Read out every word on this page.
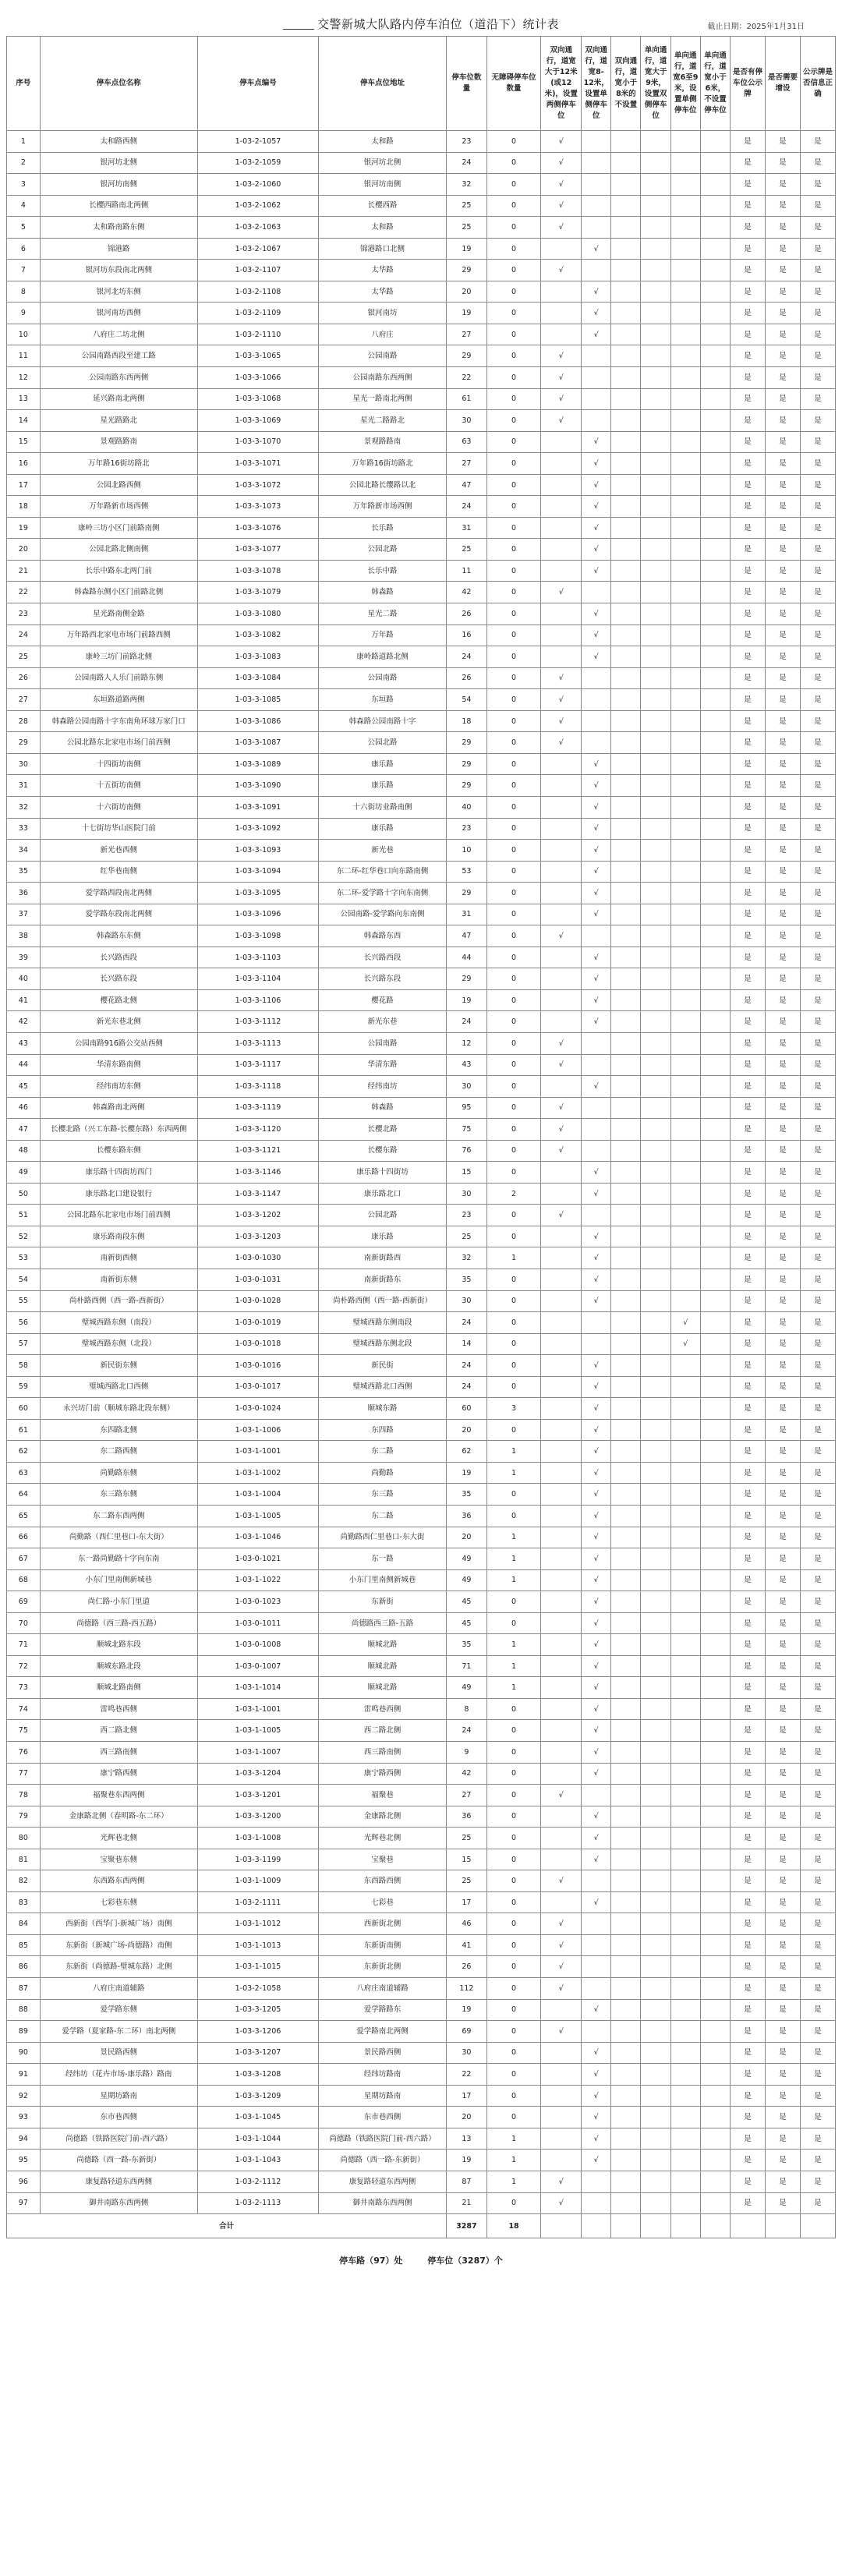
交警新城大队路内停车泊位（道沿下）统计表	截止日期：2025年1月31日
序号	停车点位名称	停车点编号	停车点位地址	停车位数量	无障碍停车位数量	双向通行，道宽大于12米(或12米)，设置两侧停车位	双向通行，道宽8-12米，设置单侧停车位	双向通行，道宽小于8米的不设置	单向通行，道宽大于9米，设置双侧停车位	单向通行，道宽6至9米，设置单侧停车位	单向通行，道宽小于6米，不设置停车位	是否有停车位公示牌	是否需要增设	公示牌是否信息正确
1	太和路西侧	1-03-2-1057	太和路	23	0	√						是	是	是
2	银河坊北侧	1-03-2-1059	银河坊北侧	24	0	√						是	是	是
3	银河坊南侧	1-03-2-1060	银河坊南侧	32	0	√						是	是	是
4	长樱西路南北两侧	1-03-2-1062	长樱西路	25	0	√						是	是	是
5	太和路南路东侧	1-03-2-1063	太和路	25	0	√						是	是	是
6	锦港路	1-03-2-1067	锦港路口北侧	19	0		√					是	是	是
7	银河坊东段南北两侧	1-03-2-1107	太华路	29	0	√						是	是	是
8	银河北坊东侧	1-03-2-1108	太华路	20	0		√					是	是	是
9	银河南坊西侧	1-03-2-1109	银河南坊	19	0		√					是	是	是
10	八府庄二坊北侧	1-03-2-1110	八府庄	27	0		√					是	是	是
11	公园南路西段至建工路	1-03-3-1065	公园南路	29	0	√						是	是	是
12	公园南路东西两侧	1-03-3-1066	公园南路东西两侧	22	0	√						是	是	是
13	延兴路南北两侧	1-03-3-1068	星光一路南北两侧	61	0	√						是	是	是
14	星光路路北	1-03-3-1069	星光二路路北	30	0	√						是	是	是
15	景观路路南	1-03-3-1070	景观路路南	63	0		√					是	是	是
16	万年路16街坊路北	1-03-3-1071	万年路16街坊路北	27	0		√					是	是	是
17	公园北路西侧	1-03-3-1072	公园北路长缨路以北	47	0		√					是	是	是
18	万年路新市场西侧	1-03-3-1073	万年路新市场西侧	24	0		√					是	是	是
19	康岭三坊小区门前路南侧	1-03-3-1076	长乐路	31	0		√					是	是	是
20	公园北路北侧南侧	1-03-3-1077	公园北路	25	0		√					是	是	是
21	长乐中路东北两门前	1-03-3-1078	长乐中路	11	0		√					是	是	是
22	韩森路东侧小区门前路北侧	1-03-3-1079	韩森路	42	0	√						是	是	是
23	星光路南侧金路	1-03-3-1080	星光二路	26	0		√					是	是	是
24	万年路西北家电市场门前路西侧	1-03-3-1082	万年路	16	0		√					是	是	是
25	康岭三坊门前路北侧	1-03-3-1083	康岭路道路北侧	24	0		√					是	是	是
26	公园南路人人乐门前路东侧	1-03-3-1084	公园南路	26	0	√						是	是	是
27	东垣路道路两侧	1-03-3-1085	东垣路	54	0	√						是	是	是
28	韩森路公园南路十字东南角环球万家门口	1-03-3-1086	韩森路公园南路十字	18	0	√						是	是	是
29	公园北路东北家电市场门前西侧	1-03-3-1087	公园北路	29	0	√						是	是	是
30	十四街坊南侧	1-03-3-1089	康乐路	29	0		√					是	是	是
31	十五街坊南侧	1-03-3-1090	康乐路	29	0		√					是	是	是
32	十六街坊南侧	1-03-3-1091	十六街坊业路南侧	40	0		√					是	是	是
33	十七街坊华山医院门前	1-03-3-1092	康乐路	23	0		√					是	是	是
34	新光巷西侧	1-03-3-1093	新光巷	10	0		√					是	是	是
35	红华巷南侧	1-03-3-1094	东二环-红华巷口向东路南侧	53	0		√					是	是	是
36	爱学路西段南北两侧	1-03-3-1095	东二环-爱学路十字向东南侧	29	0		√					是	是	是
37	爱学路东段南北两侧	1-03-3-1096	公园南路-爱学路向东南侧	31	0		√					是	是	是
38	韩森路东东侧	1-03-3-1098	韩森路东西	47	0	√						是	是	是
39	长兴路西段	1-03-3-1103	长兴路西段	44	0		√					是	是	是
40	长兴路东段	1-03-3-1104	长兴路东段	29	0		√					是	是	是
41	樱花路北侧	1-03-3-1106	樱花路	19	0		√					是	是	是
42	新光东巷北侧	1-03-3-1112	新光东巷	24	0		√					是	是	是
43	公园南路916路公交站西侧	1-03-3-1113	公园南路	12	0	√						是	是	是
44	华清东路南侧	1-03-3-1117	华清东路	43	0	√						是	是	是
45	经纬南坊东侧	1-03-3-1118	经纬南坊	30	0		√					是	是	是
46	韩森路南北两侧	1-03-3-1119	韩森路	95	0	√						是	是	是
47	长樱北路（兴工东路-长樱东路）东西两侧	1-03-3-1120	长樱北路	75	0	√						是	是	是
48	长樱东路东侧	1-03-3-1121	长樱东路	76	0	√						是	是	是
49	康乐路十四街坊西门	1-03-3-1146	康乐路十四街坊	15	0		√					是	是	是
50	康乐路北口建设银行	1-03-3-1147	康乐路北口	30	2		√					是	是	是
51	公园北路东北家电市场门前西侧	1-03-3-1202	公园北路	23	0	√						是	是	是
52	康乐路南段东侧	1-03-3-1203	康乐路	25	0		√					是	是	是
53	南新街西侧	1-03-0-1030	南新街路西	32	1		√					是	是	是
54	南新街东侧	1-03-0-1031	南新街路东	35	0		√					是	是	是
55	尚朴路西侧（西一路-西新街）	1-03-0-1028	尚朴路西侧（西一路-西新街）	30	0		√					是	是	是
56	璧城西路东侧（南段）	1-03-0-1019	璧城西路东侧南段	24	0					√		是	是	是
57	璧城西路东侧（北段）	1-03-0-1018	璧城西路东侧北段	14	0					√		是	是	是
58	新民街东侧	1-03-0-1016	新民街	24	0		√					是	是	是
59	璧城西路北口西侧	1-03-0-1017	璧城西路北口西侧	24	0		√					是	是	是
60	永兴坊门前（顺城东路北段东侧）	1-03-0-1024	顺城东路	60	3		√					是	是	是
61	东四路北侧	1-03-1-1006	东四路	20	0		√					是	是	是
62	东二路西侧	1-03-1-1001	东二路	62	1		√					是	是	是
63	尚勤路东侧	1-03-1-1002	尚勤路	19	1		√					是	是	是
64	东三路东侧	1-03-1-1004	东三路	35	0		√					是	是	是
65	东二路东西两侧	1-03-1-1005	东二路	36	0		√					是	是	是
66	尚勤路（西仁里巷口-东大街）	1-03-1-1046	尚勤路西仁里巷口-东大街	20	1		√					是	是	是
67	东一路尚勤路十字向东南	1-03-0-1021	东一路	49	1		√					是	是	是
68	小东门里南侧新城巷	1-03-1-1022	小东门里南侧新城巷	49	1		√					是	是	是
69	尚仁路-小东门里道	1-03-0-1023	东新街	45	0		√					是	是	是
70	尚德路（西三路-西五路）	1-03-0-1011	尚德路西三路-五路	45	0		√					是	是	是
71	顺城北路东段	1-03-0-1008	顺城北路	35	1		√					是	是	是
72	顺城东路北段	1-03-0-1007	顺城北路	71	1		√					是	是	是
73	顺城北路南侧	1-03-1-1014	顺城北路	49	1		√					是	是	是
74	雷鸣巷西侧	1-03-1-1001	雷鸣巷西侧	8	0		√					是	是	是
75	西二路北侧	1-03-1-1005	西二路北侧	24	0		√					是	是	是
76	西三路南侧	1-03-1-1007	西三路南侧	9	0		√					是	是	是
77	康宁路西侧	1-03-3-1204	康宁路西侧	42	0		√					是	是	是
78	福聚巷东西两侧	1-03-3-1201	福聚巷	27	0	√						是	是	是
79	金康路北侧（春明路-东二环）	1-03-3-1200	金康路北侧	36	0		√					是	是	是
80	光辉巷北侧	1-03-1-1008	光辉巷北侧	25	0		√					是	是	是
81	宝聚巷东侧	1-03-3-1199	宝聚巷	15	0		√					是	是	是
82	东西路东西两侧	1-03-1-1009	东西路西侧	25	0	√						是	是	是
83	七彩巷东侧	1-03-2-1111	七彩巷	17	0		√					是	是	是
84	西新街（西华门-新城广场）南侧	1-03-1-1012	西新街北侧	46	0	√						是	是	是
85	东新街（新城广场-尚德路）南侧	1-03-1-1013	东新街南侧	41	0	√						是	是	是
86	东新街（尚德路-璧城东路）北侧	1-03-1-1015	东新街北侧	26	0	√						是	是	是
87	八府庄南道辅路	1-03-2-1058	八府庄南道辅路	112	0	√						是	是	是
88	爱学路东侧	1-03-3-1205	爱学路路东	19	0		√					是	是	是
89	爱学路（夏家路-东二环）南北两侧	1-03-3-1206	爱学路南北两侧	69	0	√						是	是	是
90	景民路西侧	1-03-3-1207	景民路西侧	30	0		√					是	是	是
91	经纬坊（花卉市场-康乐路）路南	1-03-3-1208	经纬坊路南	22	0		√					是	是	是
92	星期坊路南	1-03-3-1209	星期坊路南	17	0		√					是	是	是
93	东市巷西侧	1-03-1-1045	东市巷西侧	20	0		√					是	是	是
94	尚德路（铁路医院门前-西六路）	1-03-1-1044	尚德路（铁路医院门前-西六路）	13	1		√					是	是	是
95	尚德路（西一路-东新街）	1-03-1-1043	尚德路（西一路-东新街）	19	1		√					是	是	是
96	康复路轻道东西两侧	1-03-2-1112	康复路轻道东西两侧	87	1	√						是	是	是
97	御井南路东西两侧	1-03-2-1113	御井南路东西两侧	21	0	√						是	是	是
合计				3287	18									
停车路（97）处	停车位（3287）个
